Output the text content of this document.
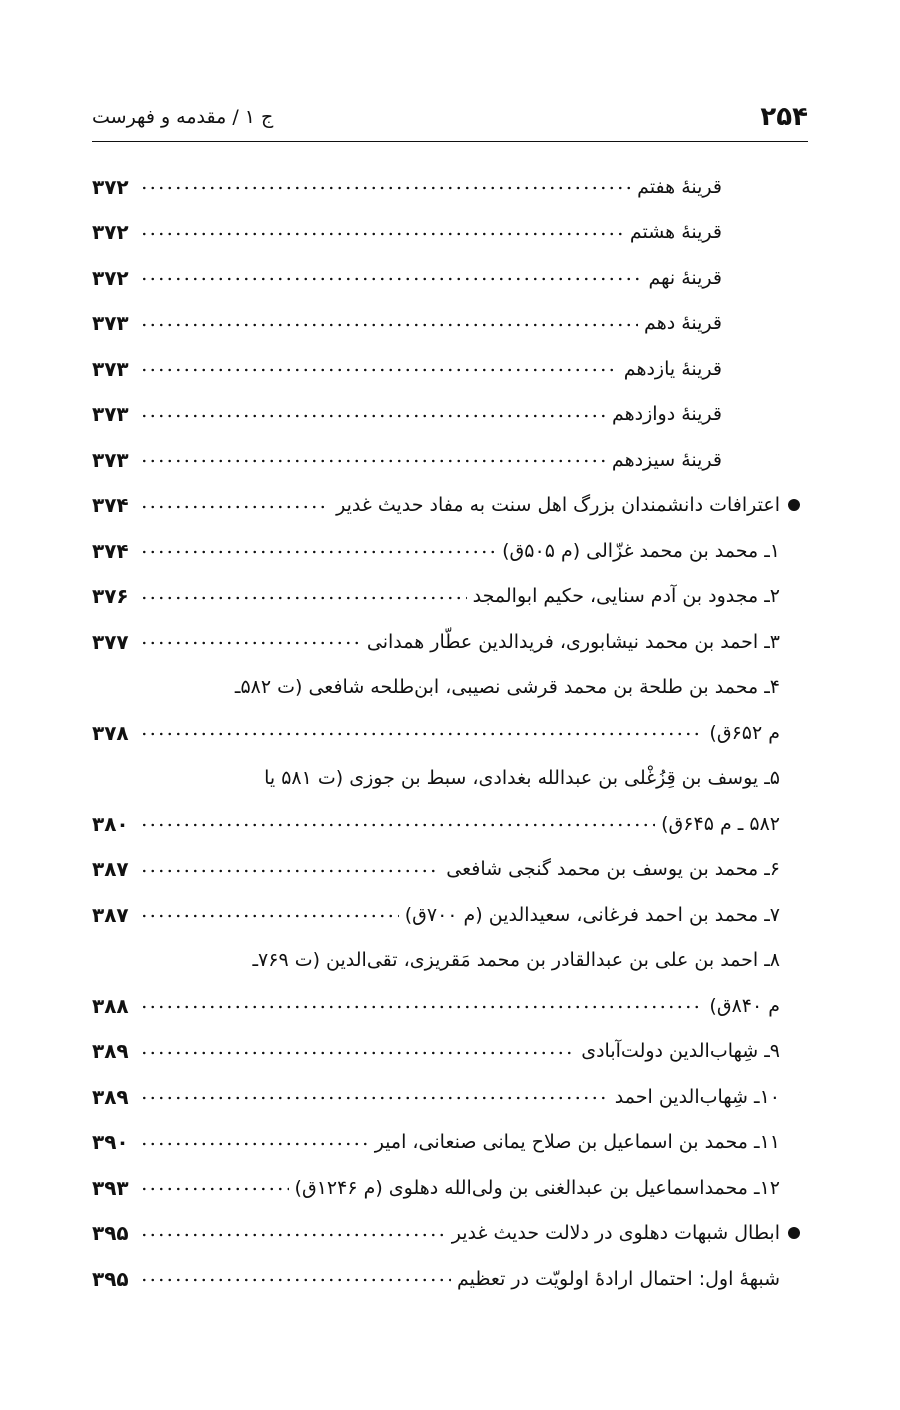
۲۵۴
ج ۱ / مقدمه و فهرست
قرينۀ هفتم
۳۷۲
قرينۀ هشتم
۳۷۲
قرينۀ نهم
۳۷۲
قرينۀ دهم
۳۷۳
قرينۀ يازدهم
۳۷۳
قرينۀ دوازدهم
۳۷۳
قرينۀ سيزدهم
۳۷۳
اعترافات دانشمندان بزرگ اهل سنت به مفاد حديث غدير
۳۷۴
۱ـ محمد بن محمد غزّالى (م ۵۰۵ق)
۳۷۴
۲ـ مجدود بن آدم سنايى، حكيم ابوالمجد
۳۷۶
۳ـ احمد بن محمد نيشابورى، فريدالدين عطّار همدانى
۳۷۷
۴ـ محمد بن طلحة بن محمد قرشى نصيبى، ابن‌طلحه شافعى (ت ۵۸۲ـ
م ۶۵۲ق)
۳۷۸
۵ـ يوسف بن قِزُغْلى بن عبدالله بغدادى، سبط بن جوزى (ت ۵۸۱ يا
۵۸۲ ـ م ۶۴۵ق)
۳۸۰
۶ـ محمد بن يوسف بن محمد گنجى شافعى
۳۸۷
۷ـ محمد بن احمد فرغانى، سعيدالدين (م ۷۰۰ق)
۳۸۷
۸ـ احمد بن على بن عبدالقادر بن محمد مَقريزى، تقى‌الدين (ت ۷۶۹ـ
م ۸۴۰ق)
۳۸۸
۹ـ شِهاب‌الدين دولت‌آبادى
۳۸۹
۱۰ـ شِهاب‌الدين احمد
۳۸۹
۱۱ـ محمد بن اسماعيل بن صلاح يمانى صنعانى، امير
۳۹۰
۱۲ـ محمداسماعيل بن عبدالغنى بن ولى‌الله دهلوى (م ۱۲۴۶ق)
۳۹۳
ابطال شبهات دهلوى در دلالت حديث غدير
۳۹۵
شبهۀ اول: احتمال ارادۀ اولويّت در تعظيم
۳۹۵
